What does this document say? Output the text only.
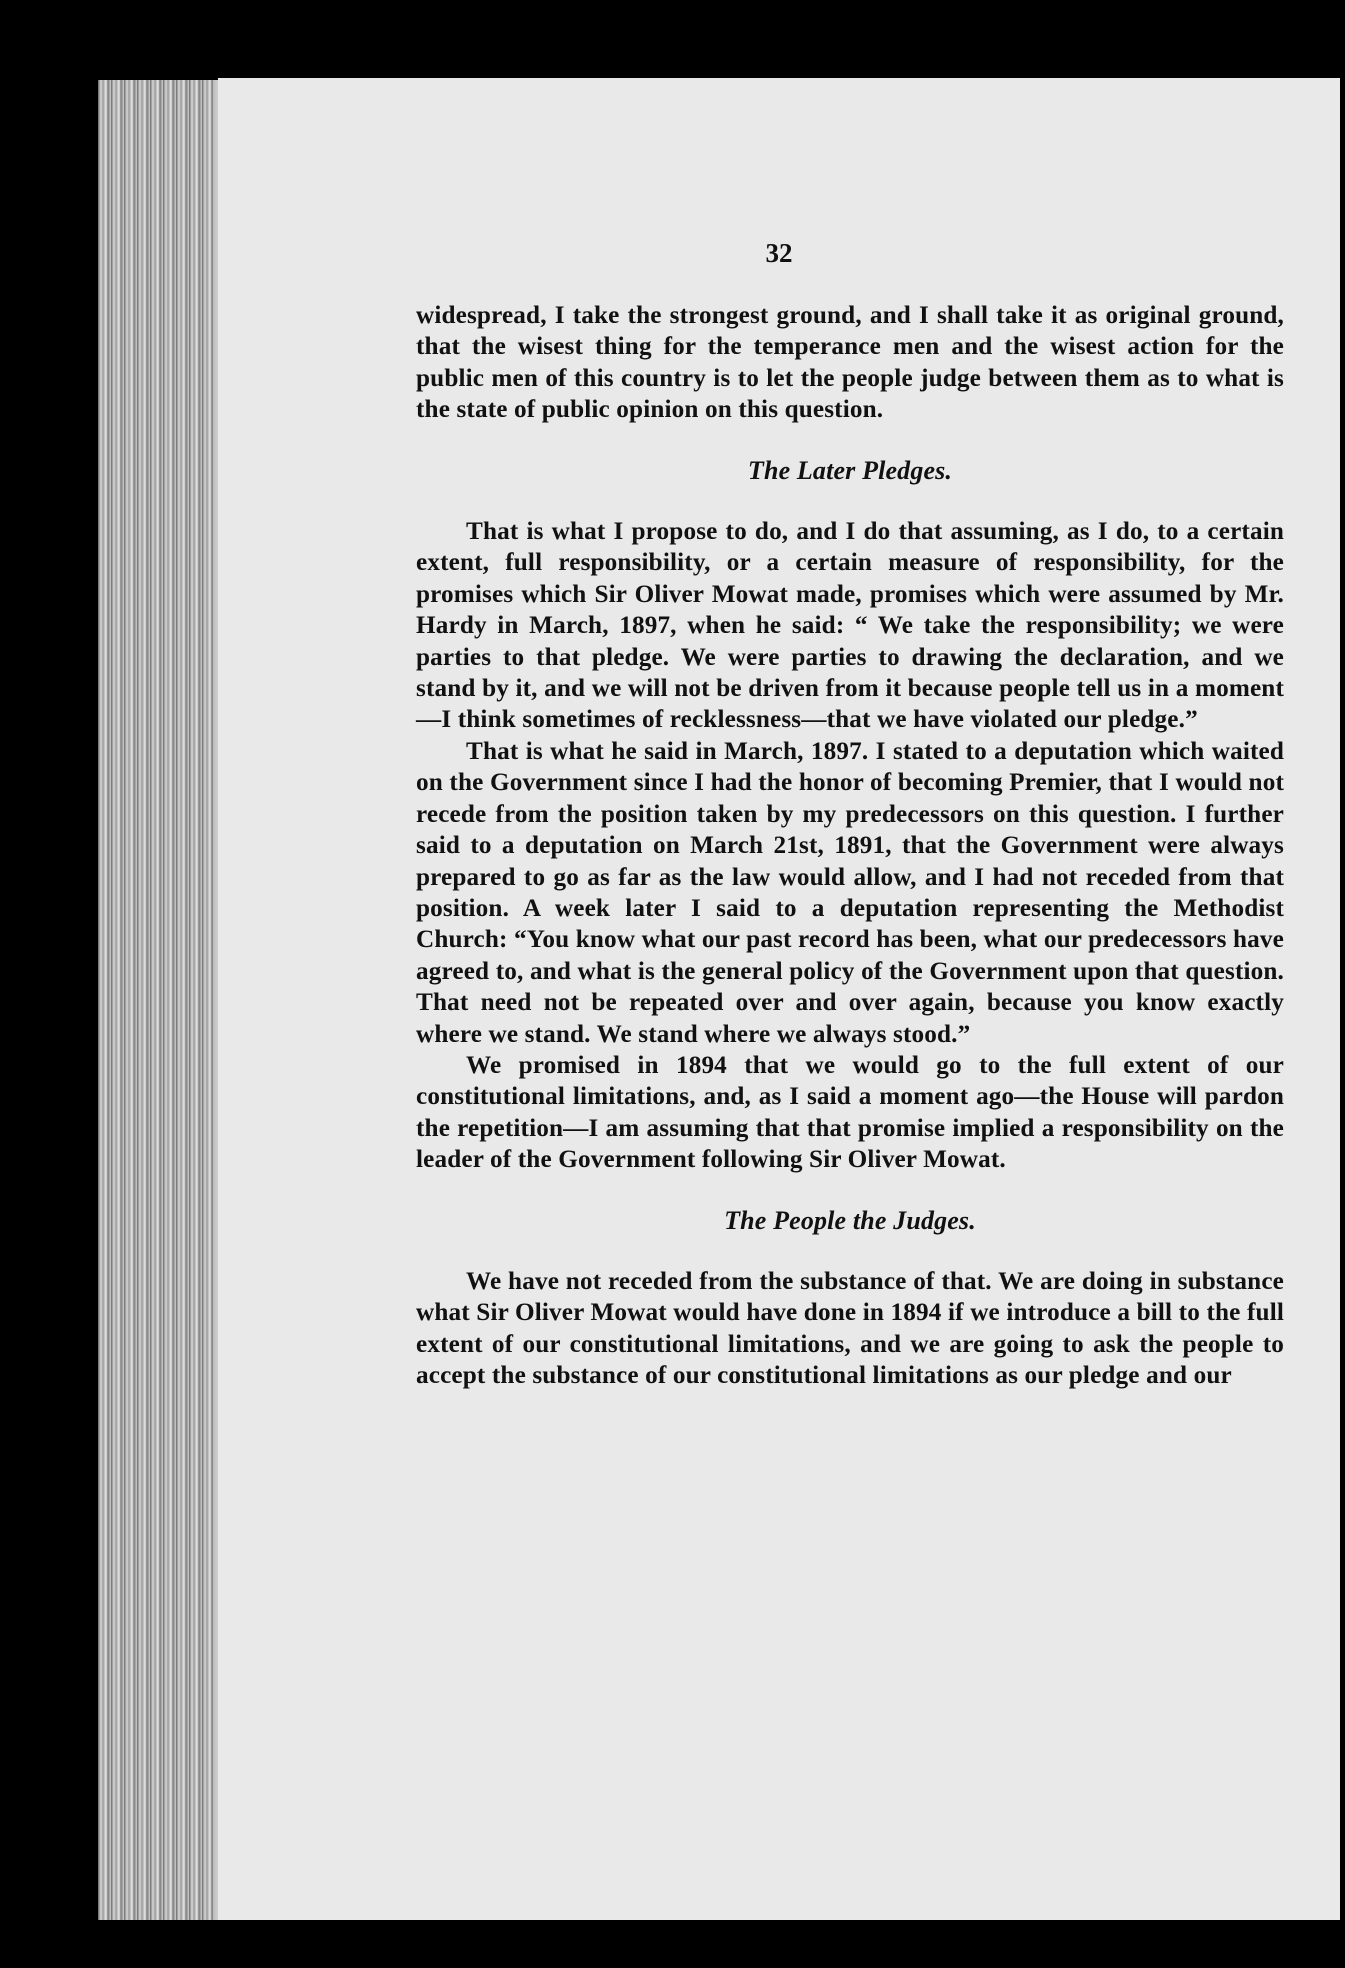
32

widespread, I take the strongest ground, and I shall take it as original ground, that the wisest thing for the temperance men and the wisest action for the public men of this country is to let the people judge between them as to what is the state of public opinion on this question.

The Later Pledges.

That is what I propose to do, and I do that assuming, as I do, to a certain extent, full responsibility, or a certain measure of responsibility, for the promises which Sir Oliver Mowat made, promises which were assumed by Mr. Hardy in March, 1897, when he said: “ We take the responsibility; we were parties to that pledge. We were parties to drawing the declaration, and we stand by it, and we will not be driven from it because people tell us in a moment—I think sometimes of recklessness—that we have violated our pledge.”

That is what he said in March, 1897. I stated to a deputation which waited on the Government since I had the honor of becoming Premier, that I would not recede from the position taken by my predecessors on this question. I further said to a deputation on March 21st, 1891, that the Government were always prepared to go as far as the law would allow, and I had not receded from that position. A week later I said to a deputation representing the Methodist Church: “You know what our past record has been, what our predecessors have agreed to, and what is the general policy of the Government upon that question. That need not be repeated over and over again, because you know exactly where we stand. We stand where we always stood.”

We promised in 1894 that we would go to the full extent of our constitutional limitations, and, as I said a moment ago—the House will pardon the repetition—I am assuming that that promise implied a responsibility on the leader of the Government following Sir Oliver Mowat.

The People the Judges.

We have not receded from the substance of that. We are doing in substance what Sir Oliver Mowat would have done in 1894 if we introduce a bill to the full extent of our constitutional limitations, and we are going to ask the people to accept the substance of our constitutional limitations as our pledge and our
